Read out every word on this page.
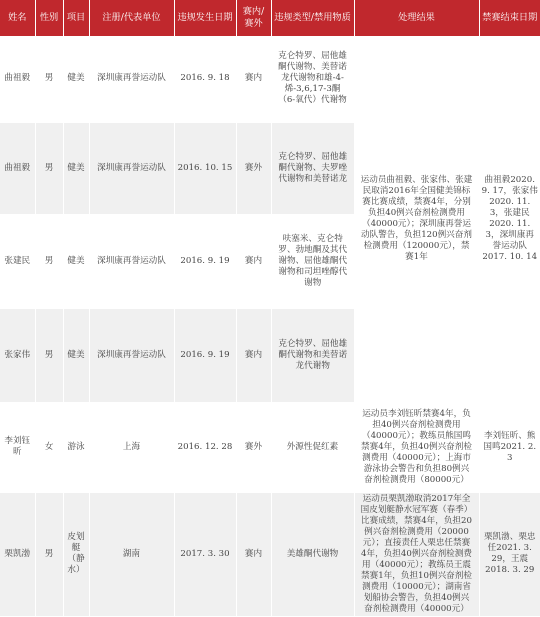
姓名	性别	项目	注册/代表单位	违规发生日期	赛内/赛外	违规类型/禁用物质	处理结果	禁赛结束日期
曲祖毅	男	健美	深圳康再誉运动队	2016. 9. 18	赛内	克仑特罗、屈他雄酮代谢物、美替诺龙代谢物和雄-4-烯-3,6,17-3酮（6-氧代）代谢物	运动员曲祖毅、张家伟、张建民取消2016年全国健美锦标赛比赛成绩，禁赛4年，分别负担40例兴奋剂检测费用（40000元）；深圳康再誉运动队警告，负担120例兴奋剂检测费用（120000元），禁赛1年	曲祖毅2020. 9. 17，张家伟2020. 11. 3，张建民2020. 11. 3，深圳康再誉运动队2017. 10. 14
曲祖毅	男	健美	深圳康再誉运动队	2016. 10. 15	赛外	克仑特罗、屈他雄酮代谢物、夫罗唑代谢物和美替诺龙		
张建民	男	健美	深圳康再誉运动队	2016. 9. 19	赛内	呋塞米、克仑特罗、勃地酮及其代谢物、屈他雄酮代谢物和司坦唑醇代谢物		
张家伟	男	健美	深圳康再誉运动队	2016. 9. 19	赛内	克仑特罗、屈他雄酮代谢物和美替诺龙代谢物		
李刘钰昕	女	游泳	上海	2016. 12. 28	赛外	外源性促红素	运动员李刘钰昕禁赛4年，负担40例兴奋剂检测费用（40000元）；教练员熊国鸣禁赛4年，负担40例兴奋剂检测费用（40000元）；上海市游泳协会警告和负担80例兴奋剂检测费用（80000元）	李刘钰昕、熊国鸣2021. 2. 3
栗凯渤	男	皮划艇（静水）	湖南	2017. 3. 30	赛内	美雄酮代谢物	运动员栗凯渤取消2017年全国皮划艇静水冠军赛（春季）比赛成绩，禁赛4年，负担20例兴奋剂检测费用（20000元）；直接责任人栗忠任禁赛4年，负担40例兴奋剂检测费用（40000元）；教练员王震禁赛1年，负担10例兴奋剂检测费用（10000元）；湖南省划船协会警告，负担40例兴奋剂检测费用（40000元）	栗凯渤、栗忠任2021. 3. 29，王震2018. 3. 29
